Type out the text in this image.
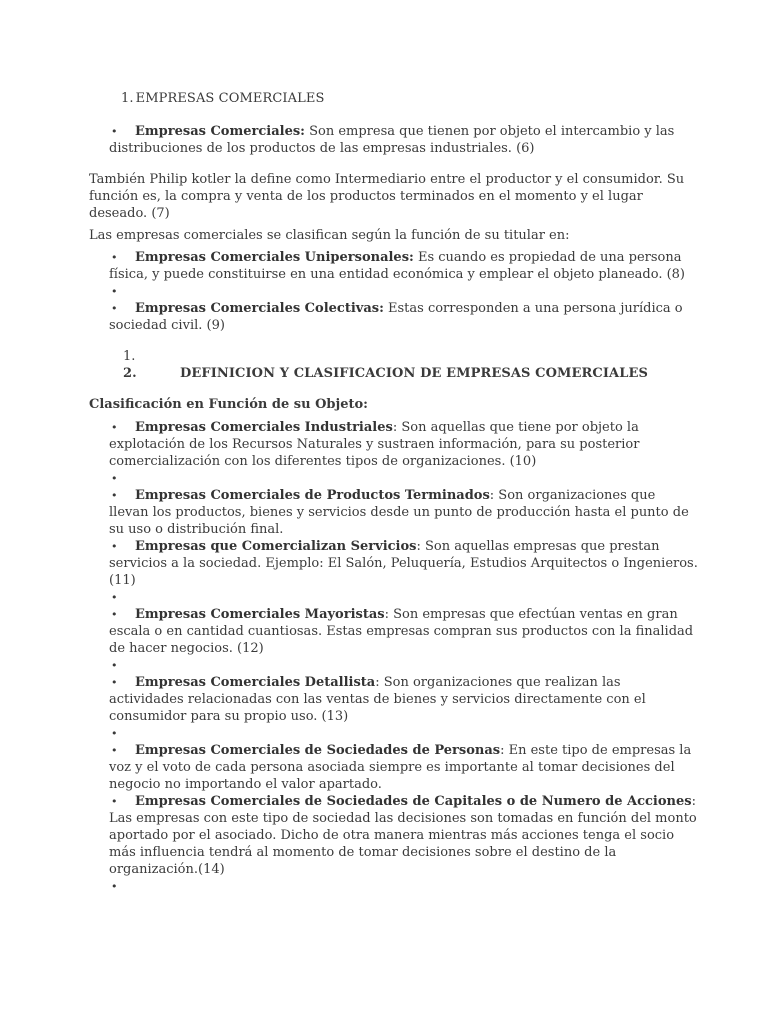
1. EMPRESAS COMERCIALES

•	Empresas Comerciales: Son empresa que tienen por objeto el intercambio y las distribuciones de los productos de las empresas industriales. (6)

También Philip kotler la define como Intermediario entre el productor y el consumidor. Su función es, la compra y venta de los productos terminados en el momento y el lugar deseado. (7)

Las empresas comerciales se clasifican según la función de su titular en:

•	Empresas Comerciales Unipersonales: Es cuando es propiedad de una persona física, y puede constituirse en una entidad económica y emplear el objeto planeado. (8)

•

•	Empresas Comerciales Colectivas: Estas corresponden a una persona jurídica o sociedad civil. (9)

1.
2.	DEFINICION Y CLASIFICACION DE EMPRESAS COMERCIALES
Clasificación en Función de su Objeto:

•	Empresas Comerciales Industriales: Son aquellas que tiene por objeto la explotación de los Recursos Naturales y sustraen información, para su posterior comercialización con los diferentes tipos de organizaciones. (10)

•

•	Empresas Comerciales de Productos Terminados: Son organizaciones que llevan los productos, bienes y servicios desde un punto de producción hasta el punto de su uso o distribución final.

•	Empresas que Comercializan Servicios: Son aquellas empresas que prestan servicios a la sociedad. Ejemplo: El Salón, Peluquería, Estudios Arquitectos o Ingenieros.(11)

•

•	Empresas Comerciales Mayoristas: Son empresas que efectúan ventas en gran escala o en cantidad cuantiosas. Estas empresas compran sus productos con la finalidad de hacer negocios. (12)

•

•	Empresas Comerciales Detallista: Son organizaciones que realizan las actividades relacionadas con las ventas de bienes y servicios directamente con el consumidor para su propio uso. (13)

•

•	Empresas Comerciales de Sociedades de Personas: En este tipo de empresas la voz y el voto de cada persona asociada siempre es importante al tomar decisiones del negocio no importando el valor apartado.

•	Empresas Comerciales de Sociedades de Capitales o de Numero de Acciones: Las empresas con este tipo de sociedad las decisiones son tomadas en función del monto aportado por el asociado. Dicho de otra manera mientras más acciones tenga el socio más influencia tendrá al momento de tomar decisiones sobre el destino de la organización.(14)

•
